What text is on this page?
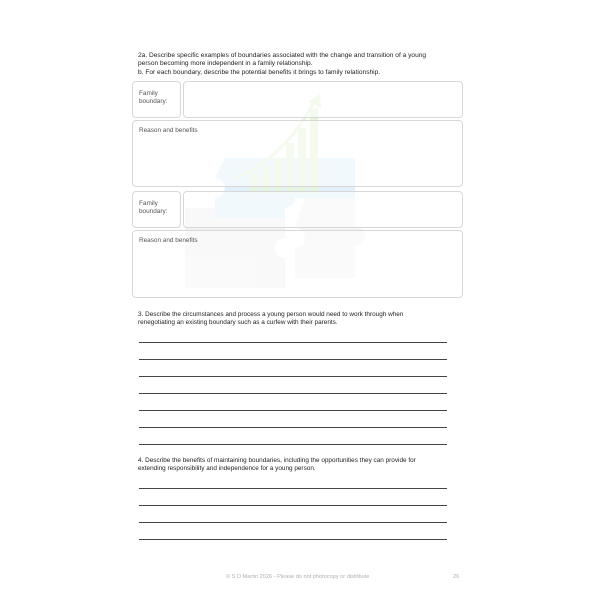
2a. Describe specific examples of boundaries associated with the change and transition of a young
person becoming more independent in a family relationship.
b. For each boundary, describe the potential benefits it brings to family relationship.
Family
boundary:
Reason and benefits
Family
boundary:
Reason and benefits
3. Describe the circumstances and process a young person would need to work through when
renegotiating an existing boundary such as a curfew with their parents.
4. Describe the benefits of maintaining boundaries, including the opportunities they can provide for
extending responsibility and independence for a young person.
© S D Martin 2026 - Please do not photocopy or distribute	26
